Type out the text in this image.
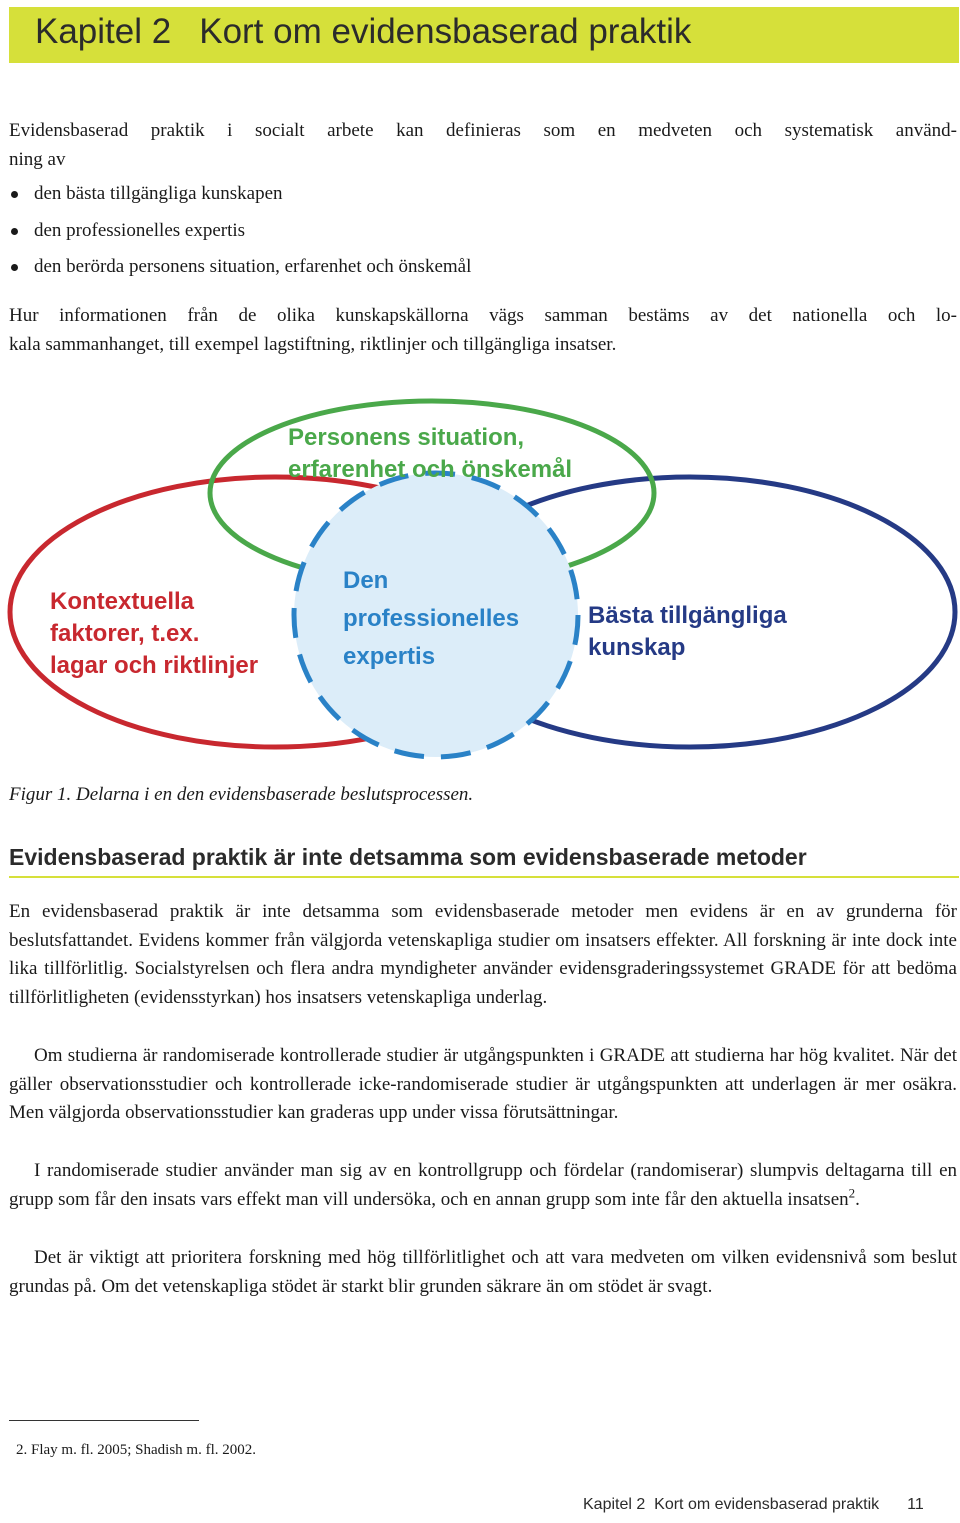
Kapitel 2 Kort om evidensbaserad praktik

Evidensbaserad praktik i socialt arbete kan definieras som en medveten och systematisk använd-

ning av

den bästa tillgängliga kunskapen
den professionelles expertis
den berörda personens situation, erfarenhet och önskemål

Hur informationen från de olika kunskapskällorna vägs samman bestäms av det nationella och lo-

kala sammanhanget, till exempel lagstiftning, riktlinjer och tillgängliga insatser.

Personens situation,
erfarenhet och önskemål
Kontextuella
faktorer, t.ex.
lagar och riktlinjer
Den
professionelles
expertis
Bästa tillgängliga
kunskap

Figur 1. Delarna i en den evidensbaserade beslutsprocessen.

Evidensbaserad praktik är inte detsamma som evidensbaserade metoder

En evidensbaserad praktik är inte detsamma som evidensbaserade metoder men evidens är en av grunderna för beslutsfattandet. Evidens kommer från välgjorda vetenskapliga studier om insatsers effekter. All forskning är inte dock inte lika tillförlitlig. Socialstyrelsen och flera andra myndigheter använder evidensgraderingssystemet GRADE för att bedöma tillförlitligheten (evidensstyrkan) hos insatsers vetenskapliga underlag.

Om studierna är randomiserade kontrollerade studier är utgångspunkten i GRADE att studierna har hög kvalitet. När det gäller observationsstudier och kontrollerade icke-randomiserade studier är utgångspunkten att underlagen är mer osäkra. Men välgjorda observationsstudier kan graderas upp under vissa förutsättningar.

I randomiserade studier använder man sig av en kontrollgrupp och fördelar (randomiserar) slumpvis deltagarna till en grupp som får den insats vars effekt man vill undersöka, och en annan grupp som inte får den aktuella insatsen$^2$.

Det är viktigt att prioritera forskning med hög tillförlitlighet och att vara medveten om vilken evidensnivå som beslut grundas på. Om det vetenskapliga stödet är starkt blir grunden säkrare än om stödet är svagt.

2. Flay m. fl. 2005; Shadish m. fl. 2002.

Kapitel 2 Kort om evidensbaserad praktik 11
